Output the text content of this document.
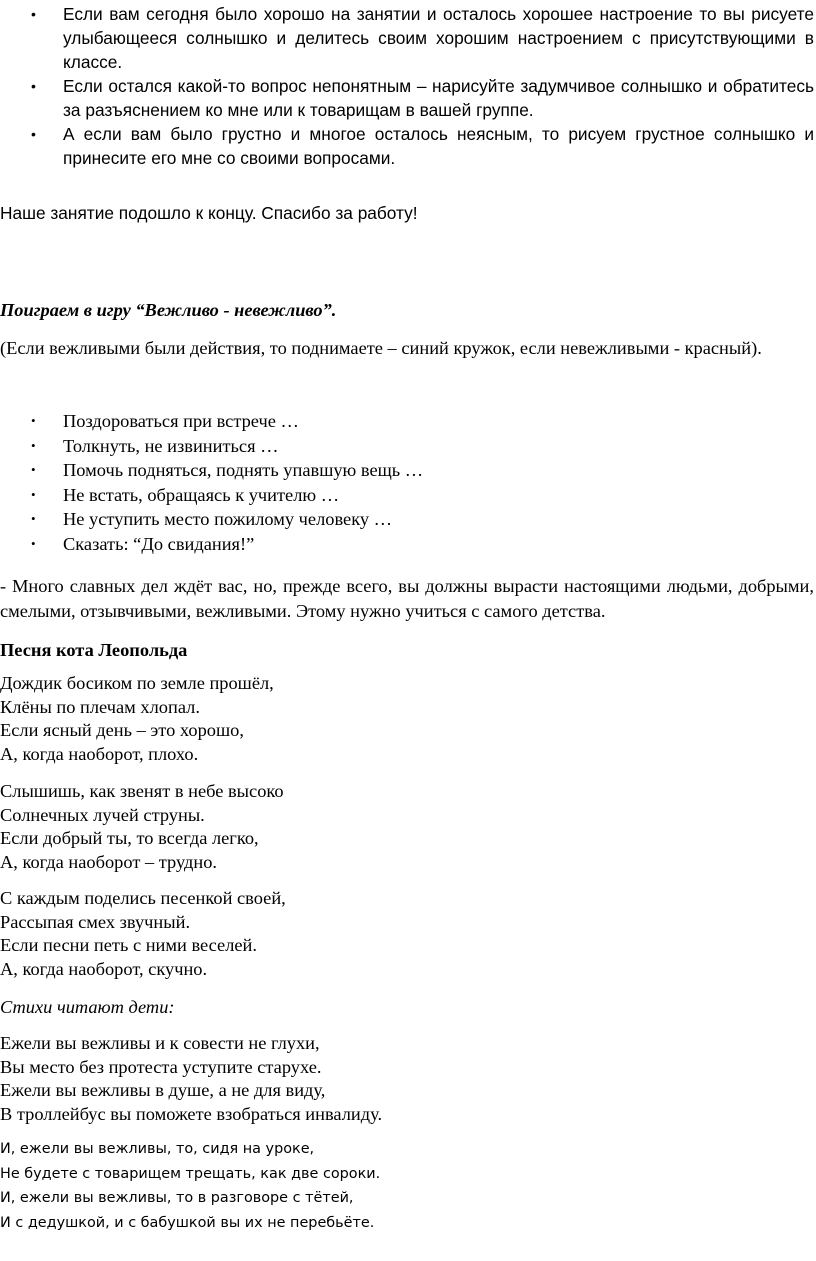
• Если вам сегодня было хорошо на занятии и осталось хорошее настроение то вы рисуете улыбающееся солнышко и делитесь своим хорошим настроением с присутствующими в классе.
• Если остался какой-то вопрос непонятным – нарисуйте задумчивое солнышко и обратитесь за разъяснением ко мне или к товарищам в вашей группе.
• А если вам было грустно и многое осталось неясным, то рисуем грустное солнышко и принесите его мне со своими вопросами.

Наше занятие подошло к концу. Спасибо за работу!

Поиграем в игру “Вежливо - невежливо”.

(Если вежливыми были действия, то поднимаете – синий кружок, если невежливыми - красный).

• Поздороваться при встрече …
• Толкнуть, не извиниться …
• Помочь подняться, поднять упавшую вещь …
• Не встать, обращаясь к учителю …
• Не уступить место пожилому человеку …
• Сказать: “До свидания!”

- Много славных дел ждёт вас, но, прежде всего, вы должны вырасти настоящими людьми, добрыми, смелыми, отзывчивыми, вежливыми. Этому нужно учиться с самого детства.

Песня кота Леопольда

Дождик босиком по земле прошёл,
Клёны по плечам хлопал.
Если ясный день – это хорошо,
А, когда наоборот, плохо.

Слышишь, как звенят в небе высоко
Солнечных лучей струны.
Если добрый ты, то всегда легко,
А, когда наоборот – трудно.

С каждым поделись песенкой своей,
Рассыпая смех звучный.
Если песни петь с ними веселей.
А, когда наоборот, скучно.

Стихи читают дети:

Ежели вы вежливы и к совести не глухи,
Вы место без протеста уступите старухе.
Ежели вы вежливы в душе, а не для виду,
В троллейбус вы поможете взобраться инвалиду.

И, ежели вы вежливы, то, сидя на уроке,
Не будете с товарищем трещать, как две сороки.
И, ежели вы вежливы, то в разговоре с тётей,
И с дедушкой, и с бабушкой вы их не перебьёте.
